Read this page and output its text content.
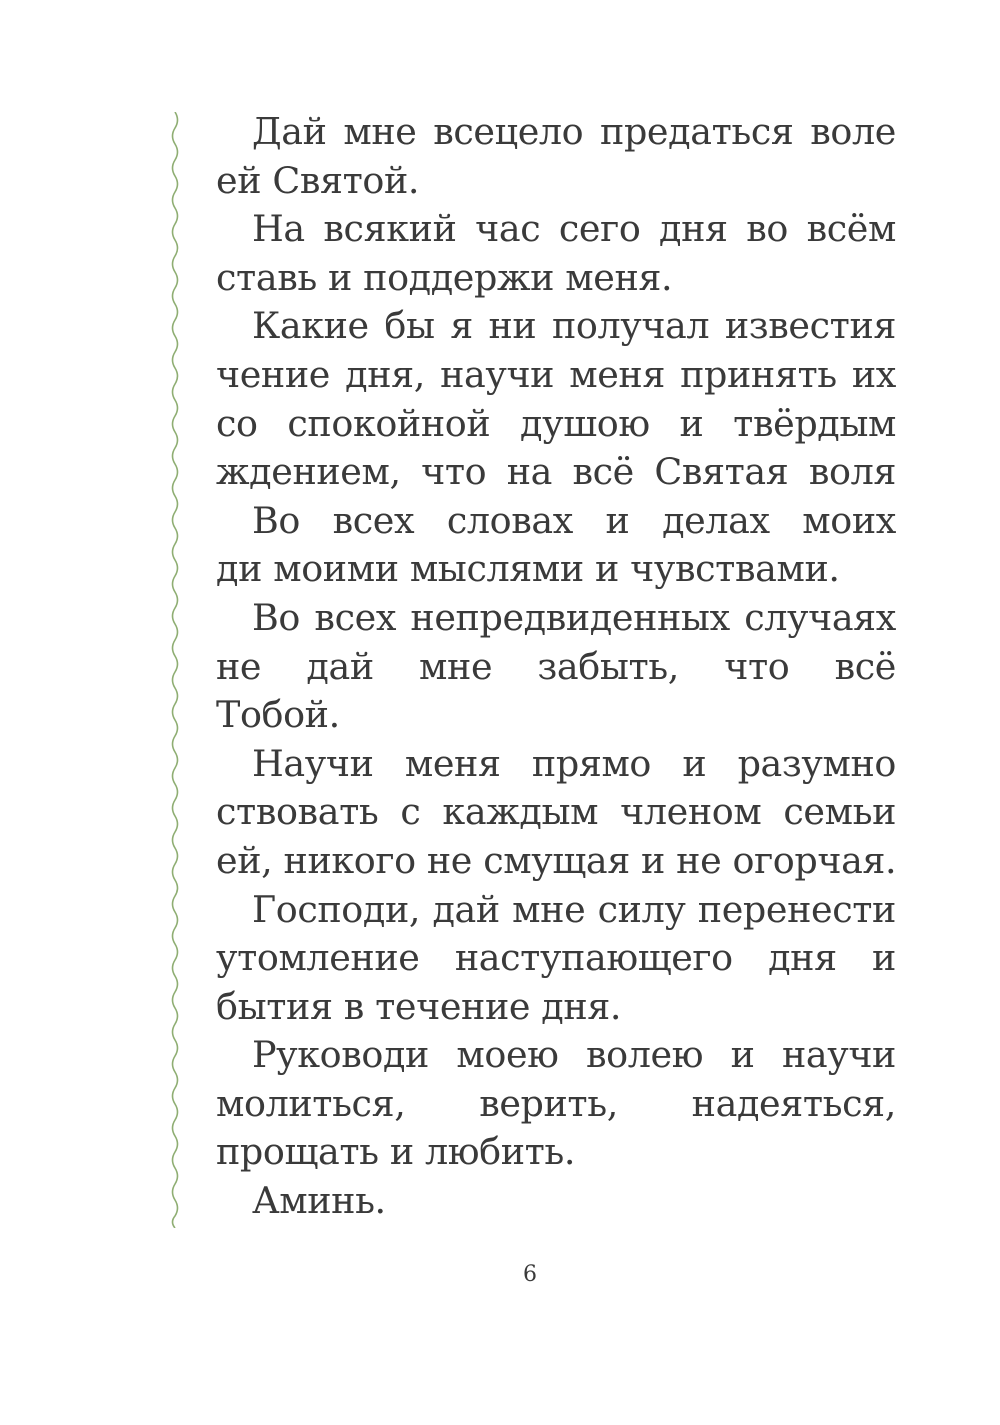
Дай мне всецело предаться воле
ей Святой.

На всякий час сего дня во всём
ставь и поддержи меня.

Какие бы я ни получал известия
чение дня, научи меня принять их
со спокойной душою и твёрдым
ждением, что на всё Святая воля

Во всех словах и делах моих
ди моими мыслями и чувствами.

Во всех непредвиденных случаях
не дай мне забыть, что всё
Тобой.

Научи меня прямо и разумно
ствовать с каждым членом семьи
ей, никого не смущая и не огорчая.

Господи, дай мне силу перенести
утомление наступающего дня и
бытия в течение дня.

Руководи моею волею и научи
молиться, верить, надеяться,
прощать и любить.

Аминь.

6
